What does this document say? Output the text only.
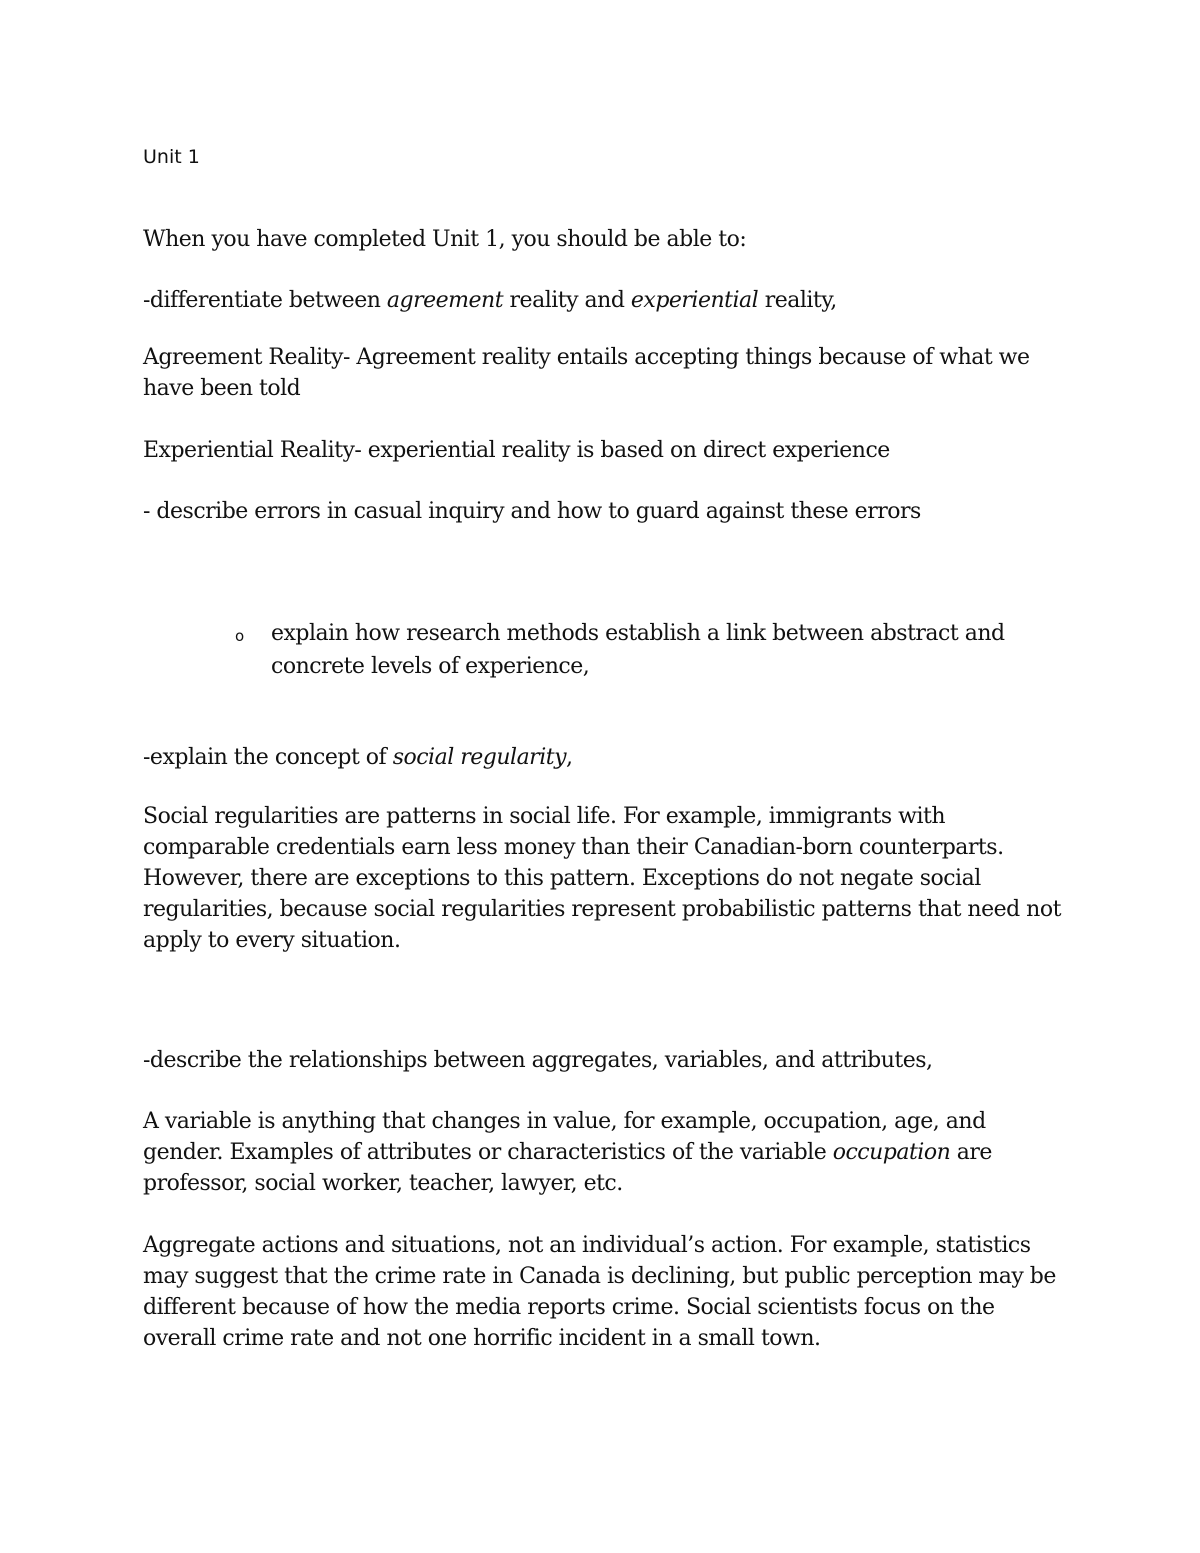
Unit 1

When you have completed Unit 1, you should be able to:

-differentiate between agreement reality and experiential reality,

Agreement Reality- Agreement reality entails accepting things because of what we have been told

Experiential Reality- experiential reality is based on direct experience

- describe errors in casual inquiry and how to guard against these errors

o explain how research methods establish a link between abstract and concrete levels of experience,

-explain the concept of social regularity,

Social regularities are patterns in social life. For example, immigrants with comparable credentials earn less money than their Canadian-born counterparts. However, there are exceptions to this pattern. Exceptions do not negate social regularities, because social regularities represent probabilistic patterns that need not apply to every situation.

-describe the relationships between aggregates, variables, and attributes,

A variable is anything that changes in value, for example, occupation, age, and gender. Examples of attributes or characteristics of the variable occupation are professor, social worker, teacher, lawyer, etc.

Aggregate actions and situations, not an individual’s action. For example, statistics may suggest that the crime rate in Canada is declining, but public perception may be different because of how the media reports crime. Social scientists focus on the overall crime rate and not one horrific incident in a small town.
